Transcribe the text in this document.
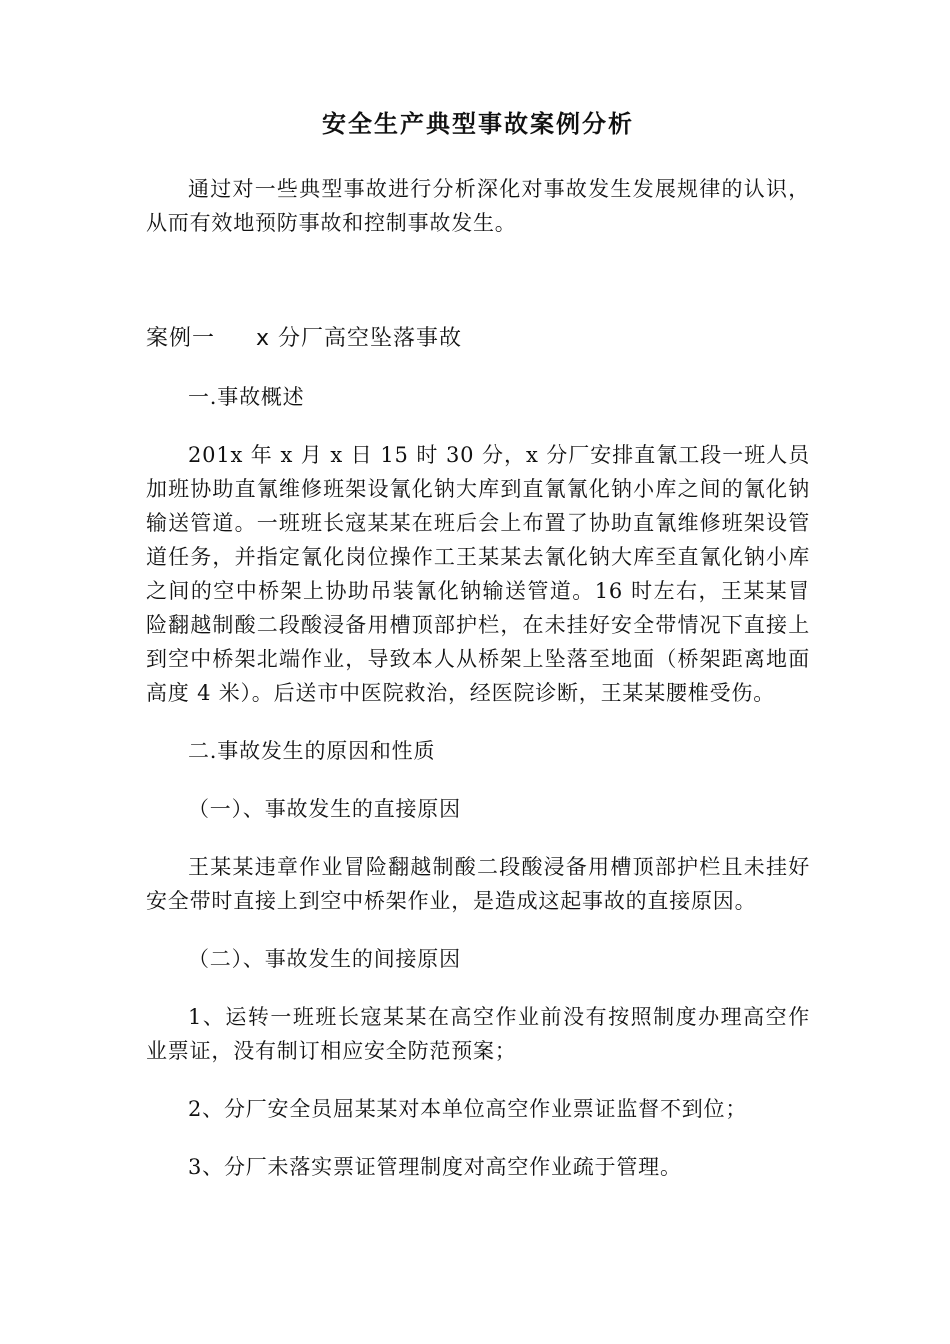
安全生产典型事故案例分析

通过对一些典型事故进行分析深化对事故发生发展规律的认识，从而有效地预防事故和控制事故发生。

案例一 x 分厂高空坠落事故

一.事故概述

201x 年 x 月 x 日 15 时 30 分，x 分厂安排直氰工段一班人员加班协助直氰维修班架设氰化钠大库到直氰氰化钠小库之间的氰化钠输送管道。一班班长寇某某在班后会上布置了协助直氰维修班架设管道任务，并指定氰化岗位操作工王某某去氰化钠大库至直氰化钠小库之间的空中桥架上协助吊装氰化钠输送管道。16 时左右，王某某冒险翻越制酸二段酸浸备用槽顶部护栏，在未挂好安全带情况下直接上到空中桥架北端作业，导致本人从桥架上坠落至地面（桥架距离地面高度 4 米）。后送市中医院救治，经医院诊断，王某某腰椎受伤。

二.事故发生的原因和性质

（一）、事故发生的直接原因

王某某违章作业冒险翻越制酸二段酸浸备用槽顶部护栏且未挂好安全带时直接上到空中桥架作业，是造成这起事故的直接原因。

（二）、事故发生的间接原因

1、运转一班班长寇某某在高空作业前没有按照制度办理高空作业票证，没有制订相应安全防范预案；

2、分厂安全员屈某某对本单位高空作业票证监督不到位；

3、分厂未落实票证管理制度对高空作业疏于管理。
